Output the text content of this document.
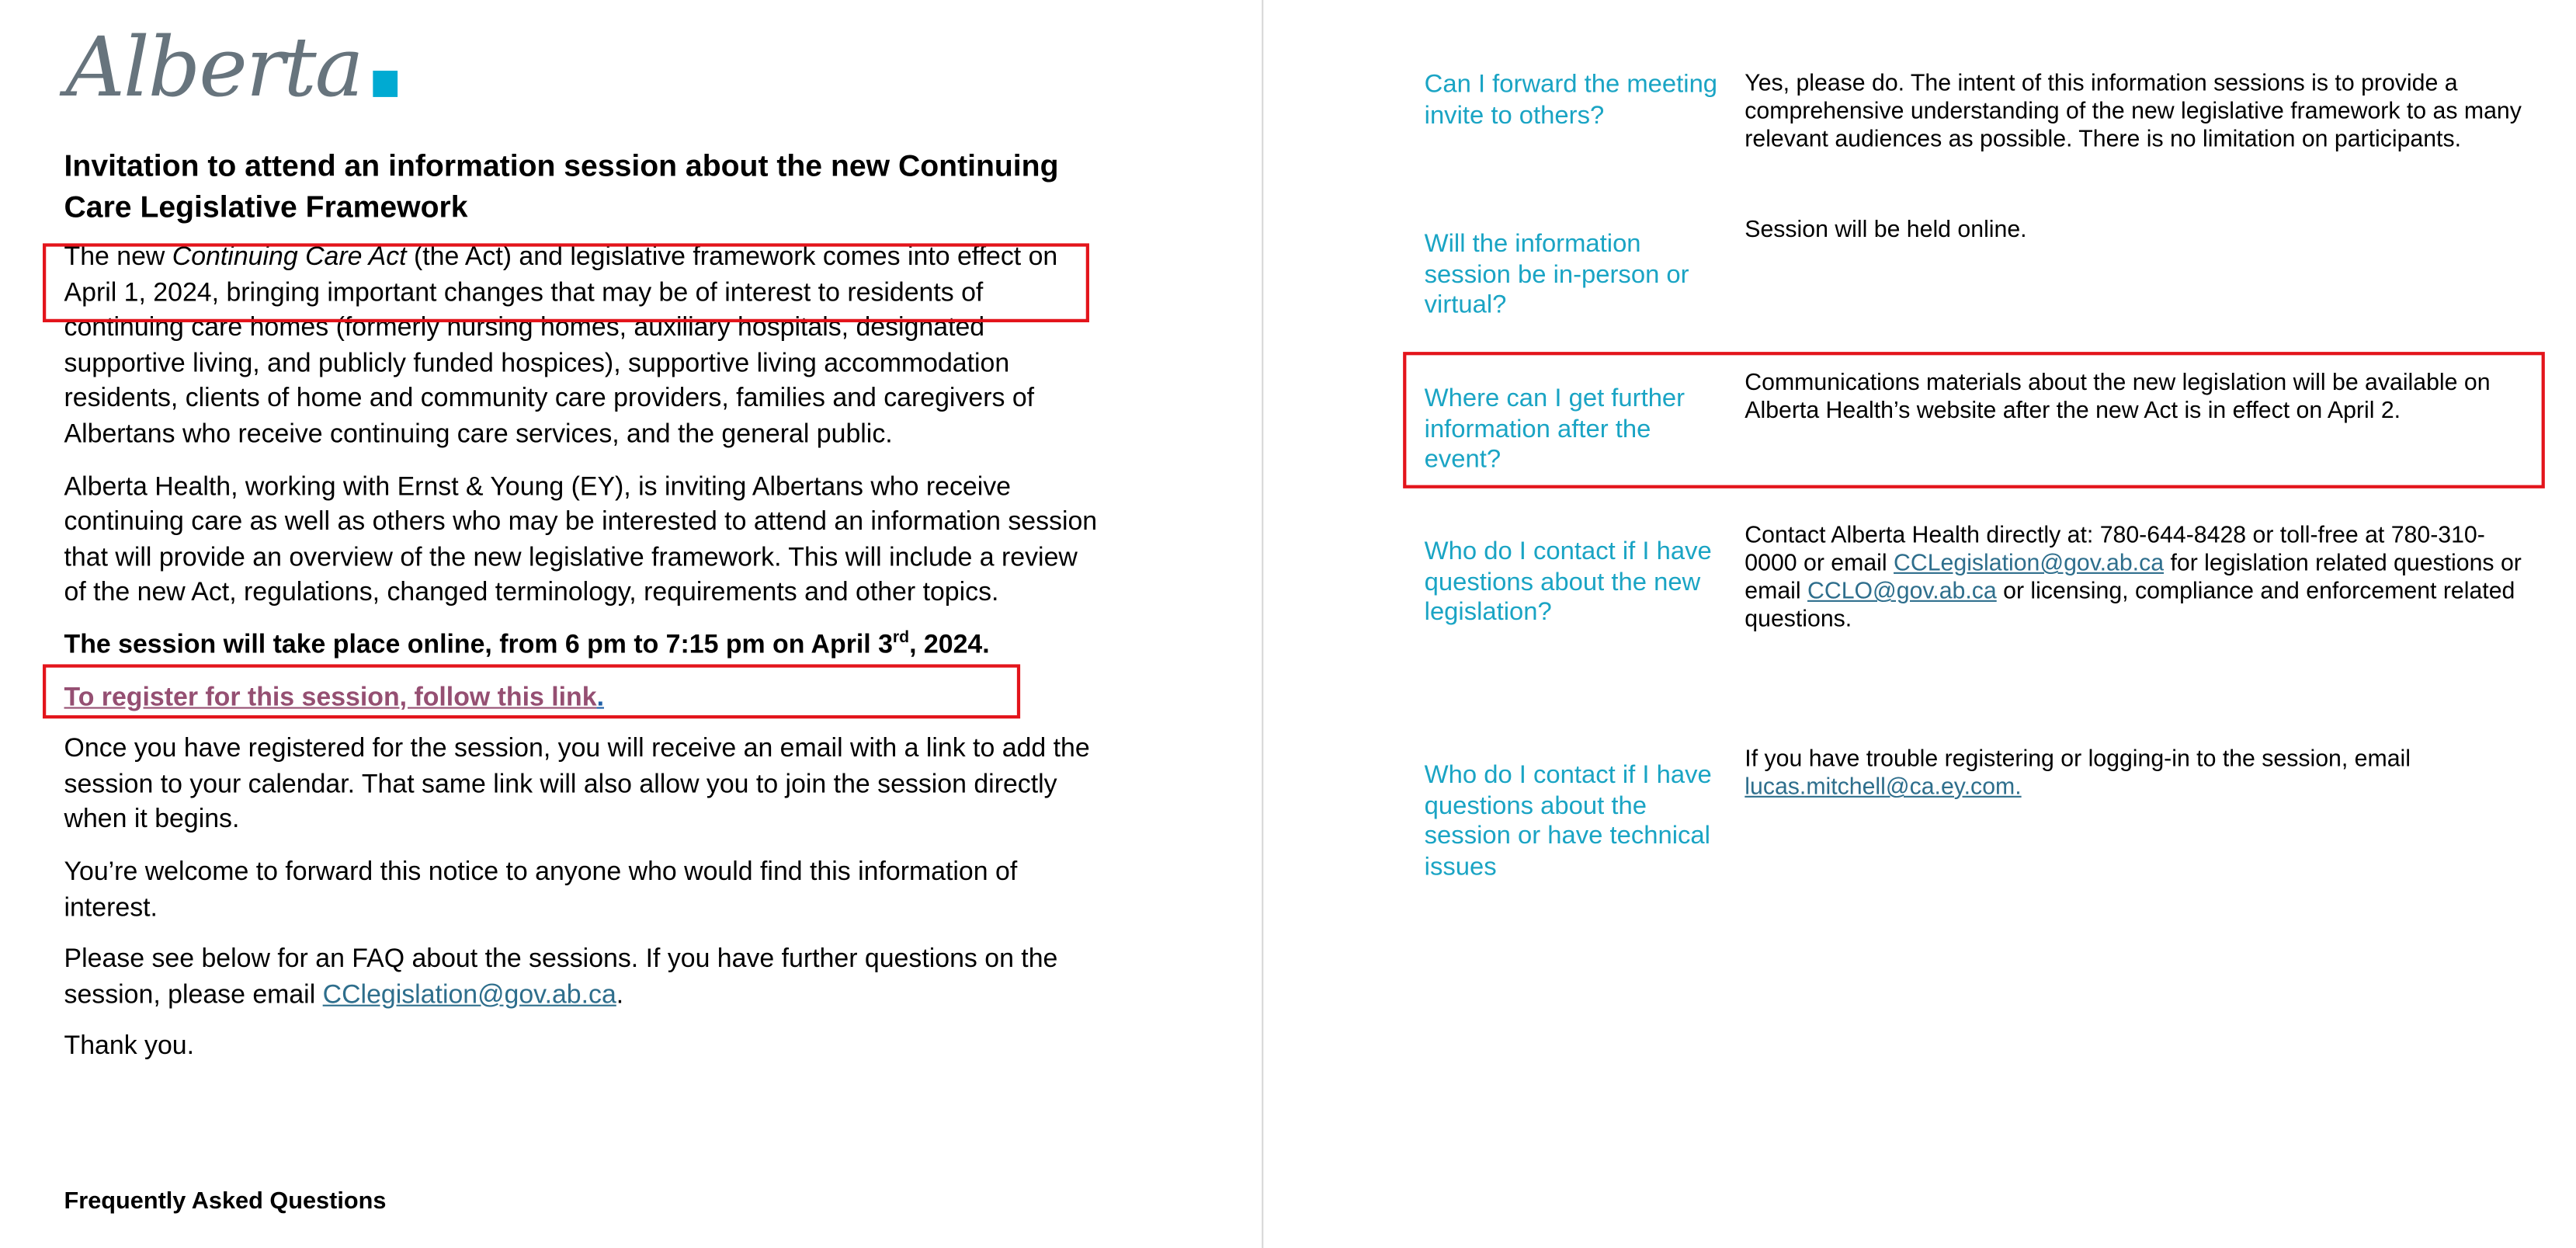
Alberta
Invitation to attend an information session about the new Continuing Care Legislative Framework

The new Continuing Care Act (the Act) and legislative framework comes into effect on April 1, 2024, bringing important changes that may be of interest to residents of continuing care homes (formerly nursing homes, auxiliary hospitals, designated supportive living, and publicly funded hospices), supportive living accommodation residents, clients of home and community care providers, families and caregivers of Albertans who receive continuing care services, and the general public.

Alberta Health, working with Ernst & Young (EY), is inviting Albertans who receive continuing care as well as others who may be interested to attend an information session that will provide an overview of the new legislative framework. This will include a review of the new Act, regulations, changed terminology, requirements and other topics.

The session will take place online, from 6 pm to 7:15 pm on April 3rd, 2024.

To register for this session, follow this link.

Once you have registered for the session, you will receive an email with a link to add the session to your calendar. That same link will also allow you to join the session directly when it begins.

You’re welcome to forward this notice to anyone who would find this information of interest.

Please see below for an FAQ about the sessions. If you have further questions on the session, please email CClegislation@gov.ab.ca.

Thank you.

Frequently Asked Questions
Can I forward the meeting invite to others?
Yes, please do. The intent of this information sessions is to provide a comprehensive understanding of the new legislative framework to as many relevant audiences as possible. There is no limitation on participants.
Will the information session be in-person or virtual?
Session will be held online.
Where can I get further information after the event?
Communications materials about the new legislation will be available on Alberta Health’s website after the new Act is in effect on April 2.
Who do I contact if I have questions about the new legislation?
Contact Alberta Health directly at: 780-644-8428 or toll-free at 780-310-0000 or email CCLegislation@gov.ab.ca for legislation related questions or email CCLO@gov.ab.ca or licensing, compliance and enforcement related questions.
Who do I contact if I have questions about the session or have technical issues
If you have trouble registering or logging-in to the session, email lucas.mitchell@ca.ey.com.
